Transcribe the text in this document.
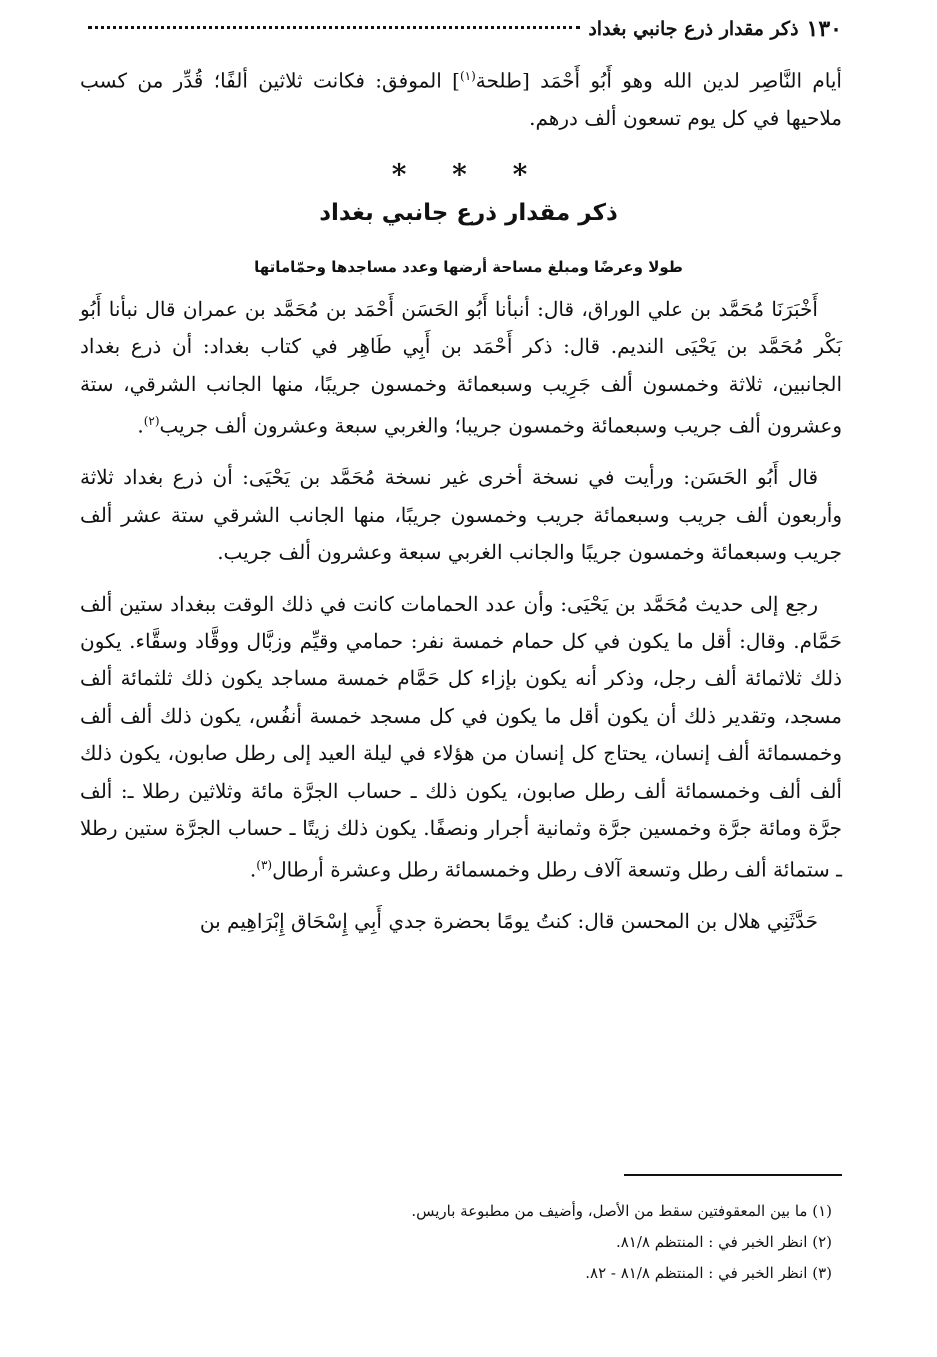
١٣٠
ذكر مقدار ذرع جانبي بغداد

أيام النَّاصِر لدين الله وهو أَبُو أَحْمَد [طلحة$^{(١)}$] الموفق: فكانت ثلاثين ألفًا؛ قُدِّر من كسب ملاحيها في كل يوم تسعون ألف درهم.

* * *
ذكر مقدار ذرع جانبي بغداد
طولا وعرضًا ومبلغ مساحة أرضها وعدد مساجدها وحمّاماتها

أَخْبَرَنَا مُحَمَّد بن علي الوراق، قال: أنبأنا أَبُو الحَسَن أَحْمَد بن مُحَمَّد بن عمران قال نبأنا أَبُو بَكْر مُحَمَّد بن يَحْيَى النديم. قال: ذكر أَحْمَد بن أَبِي طَاهِر في كتاب بغداد: أن ذرع بغداد الجانبين، ثلاثة وخمسون ألف جَرِيب وسبعمائة وخمسون جريبًا، منها الجانب الشرقي، ستة وعشرون ألف جريب وسبعمائة وخمسون جريبا؛ والغربي سبعة وعشرون ألف جريب$^{(٢)}$.

قال أَبُو الحَسَن: ورأيت في نسخة أخرى غير نسخة مُحَمَّد بن يَحْيَى: أن ذرع بغداد ثلاثة وأربعون ألف جريب وسبعمائة جريب وخمسون جريبًا، منها الجانب الشرقي ستة عشر ألف جريب وسبعمائة وخمسون جريبًا والجانب الغربي سبعة وعشرون ألف جريب.

رجع إلى حديث مُحَمَّد بن يَحْيَى: وأن عدد الحمامات كانت في ذلك الوقت ببغداد ستين ألف حَمَّام. وقال: أقل ما يكون في كل حمام خمسة نفر: حمامي وقيِّم وزبَّال ووقَّاد وسقَّاء. يكون ذلك ثلاثمائة ألف رجل، وذكر أنه يكون بإزاء كل حَمَّام خمسة مساجد يكون ذلك ثلثمائة ألف مسجد، وتقدير ذلك أن يكون أقل ما يكون في كل مسجد خمسة أنفُس، يكون ذلك ألف ألف وخمسمائة ألف إنسان، يحتاج كل إنسان من هؤلاء في ليلة العيد إلى رطل صابون، يكون ذلك ألف ألف وخمسمائة ألف رطل صابون، يكون ذلك ـ حساب الجرَّة مائة وثلاثين رطلا ـ: ألف جرَّة ومائة جرَّة وخمسين جرَّة وثمانية أجرار ونصفًا. يكون ذلك زيتًا ـ حساب الجرَّة ستين رطلا ـ ستمائة ألف رطل وتسعة آلاف رطل وخمسمائة رطل وعشرة أرطال$^{(٣)}$.

حَدَّثَنِي هلال بن المحسن قال: كنتُ يومًا بحضرة جدي أَبِي إِسْحَاق إِبْرَاهِيم بن

(١) ما بين المعقوفتين سقط من الأصل، وأضيف من مطبوعة باريس.
(٢) انظر الخبر في : المنتظم ٨١/٨.
(٣) انظر الخبر في : المنتظم ٨١/٨ - ٨٢.
